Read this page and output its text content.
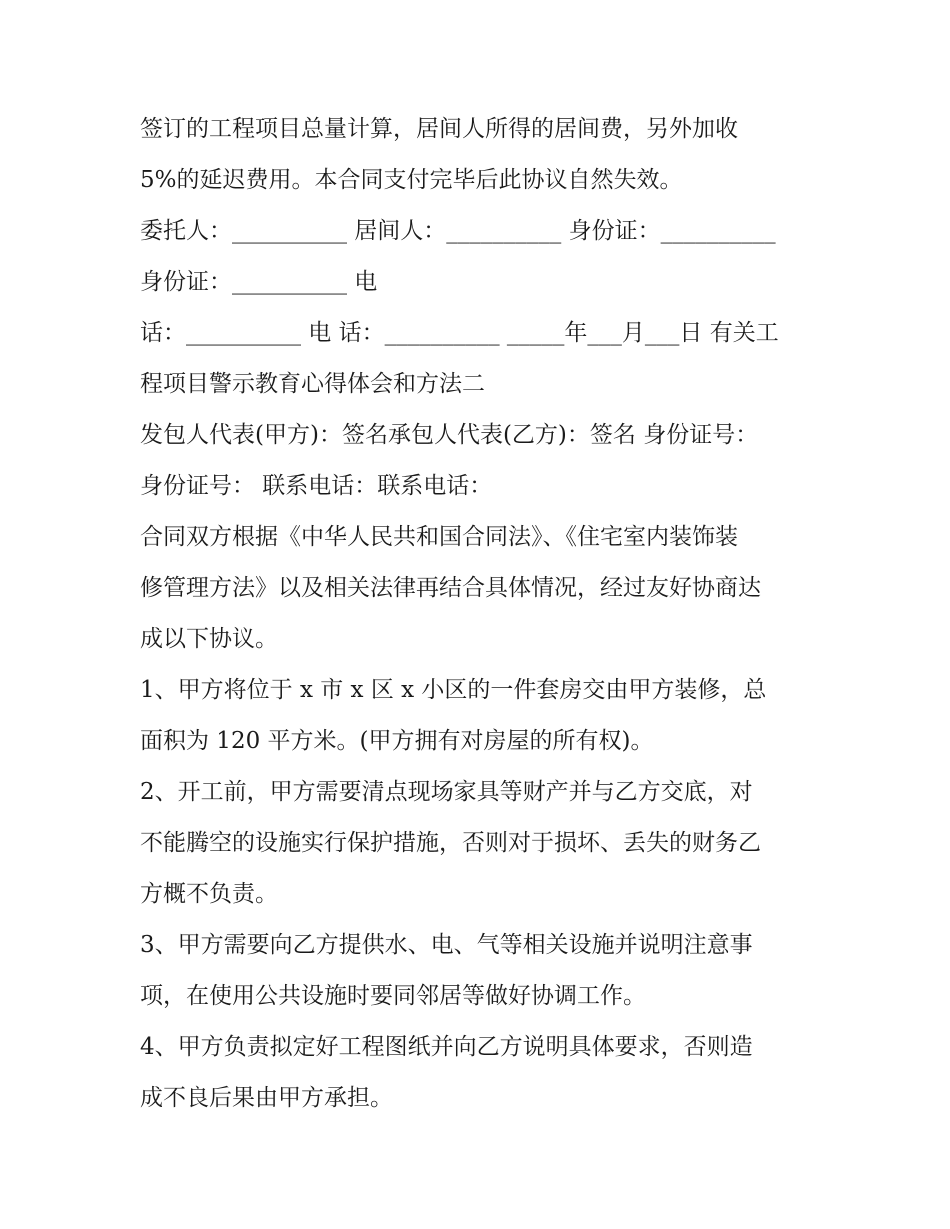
签订的工程项目总量计算，居间人所得的居间费，另外加收
5%的延迟费用。本合同支付完毕后此协议自然失效。
委托人：__________ 居间人：__________ 身份证：__________
身份证：__________ 电
话：__________ 电 话：__________ _____年___月___日 有关工
程项目警示教育心得体会和方法二
发包人代表(甲方)：签名承包人代表(乙方)：签名 身份证号：
身份证号： 联系电话：联系电话：
合同双方根据《中华人民共和国合同法》、《住宅室内装饰装
修管理方法》以及相关法律再结合具体情况，经过友好协商达
成以下协议。
1、甲方将位于 x 市 x 区 x 小区的一件套房交由甲方装修，总
面积为 120 平方米。(甲方拥有对房屋的所有权)。
2、开工前，甲方需要清点现场家具等财产并与乙方交底，对
不能腾空的设施实行保护措施，否则对于损坏、丢失的财务乙
方概不负责。
3、甲方需要向乙方提供水、电、气等相关设施并说明注意事
项，在使用公共设施时要同邻居等做好协调工作。
4、甲方负责拟定好工程图纸并向乙方说明具体要求，否则造
成不良后果由甲方承担。
